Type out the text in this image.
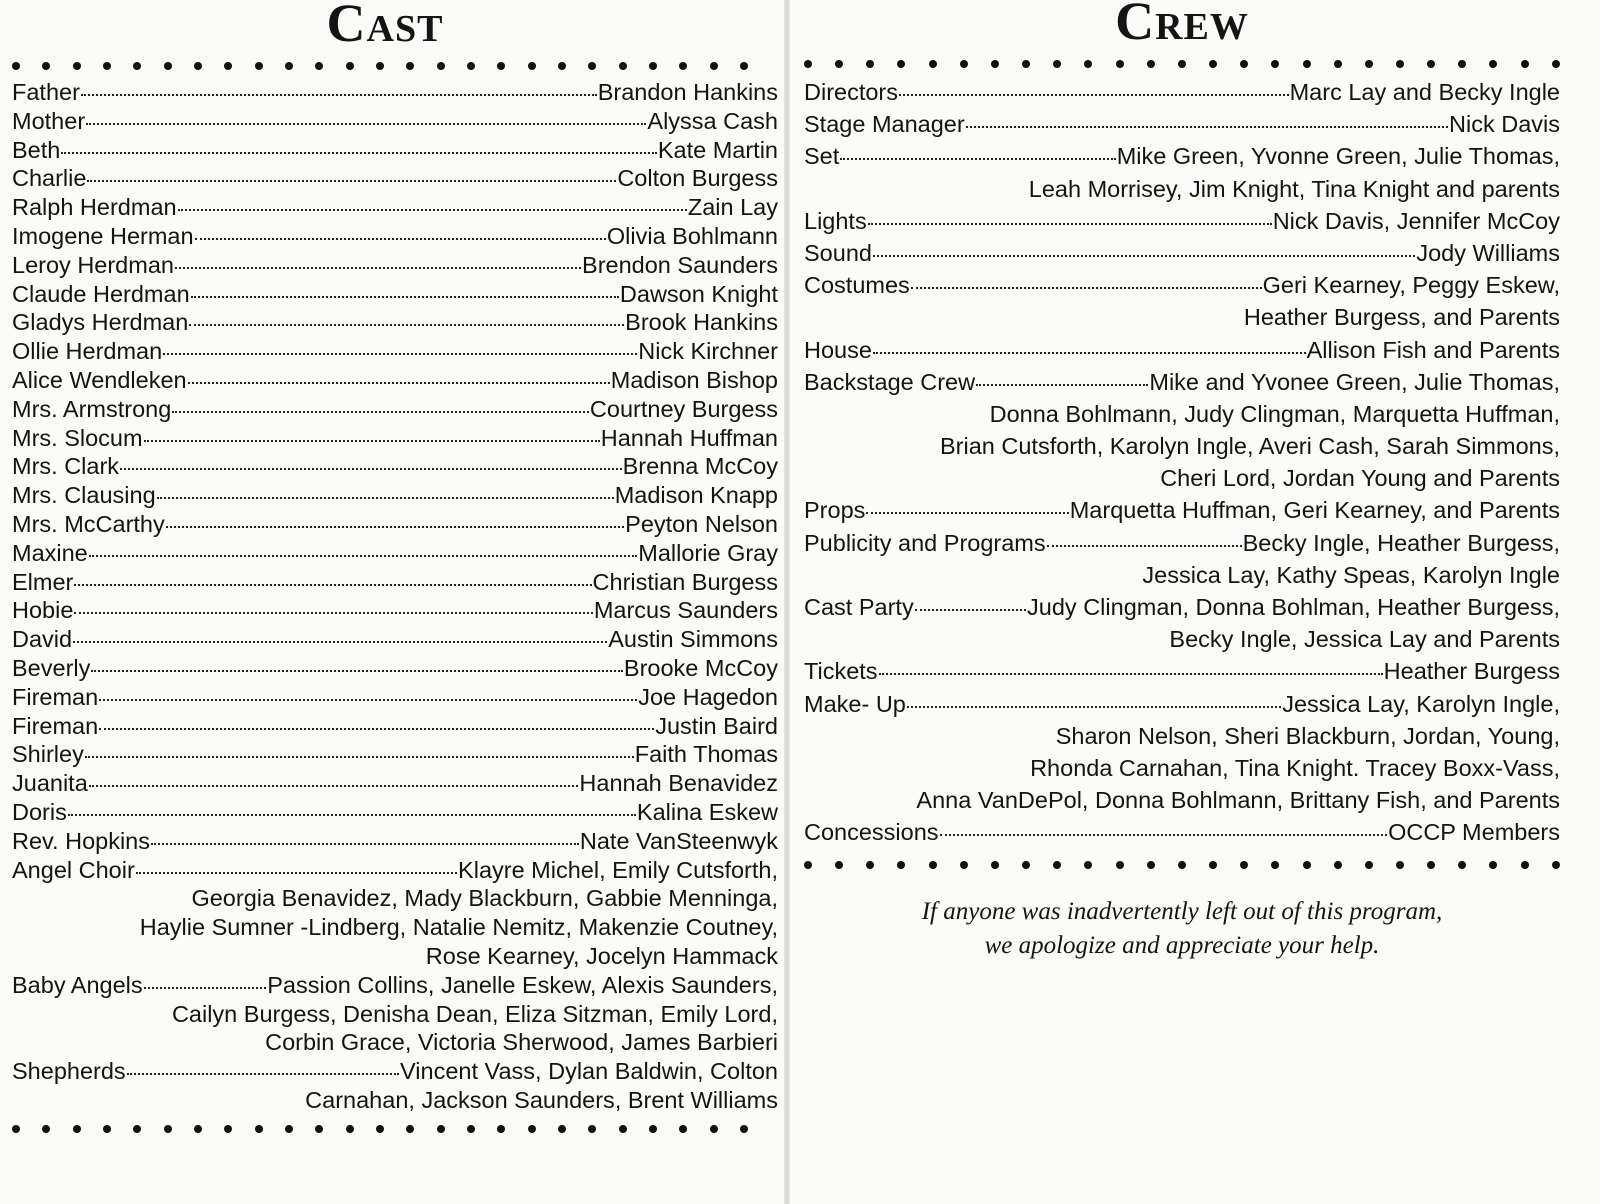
Cast
Father	Brandon Hankins
Mother	Alyssa Cash
Beth	Kate Martin
Charlie	Colton Burgess
Ralph Herdman	Zain Lay
Imogene Herman	Olivia Bohlmann
Leroy Herdman	Brendon Saunders
Claude Herdman	Dawson Knight
Gladys Herdman	Brook Hankins
Ollie Herdman	Nick Kirchner
Alice Wendleken	Madison Bishop
Mrs. Armstrong	Courtney Burgess
Mrs. Slocum	Hannah Huffman
Mrs. Clark	Brenna McCoy
Mrs. Clausing	Madison Knapp
Mrs. McCarthy	Peyton Nelson
Maxine	Mallorie Gray
Elmer	Christian Burgess
Hobie	Marcus Saunders
David	Austin Simmons
Beverly	Brooke McCoy
Fireman	Joe Hagedon
Fireman	Justin Baird
Shirley	Faith Thomas
Juanita	Hannah Benavidez
Doris	Kalina Eskew
Rev. Hopkins	Nate VanSteenwyk
Angel Choir	Klayre Michel, Emily Cutsforth,
Georgia Benavidez, Mady Blackburn, Gabbie Menninga,
Haylie Sumner -Lindberg, Natalie Nemitz, Makenzie Coutney,
Rose Kearney, Jocelyn Hammack
Baby Angels	Passion Collins, Janelle Eskew, Alexis Saunders,
Cailyn Burgess, Denisha Dean, Eliza Sitzman, Emily Lord,
Corbin Grace, Victoria Sherwood, James Barbieri
Shepherds	Vincent Vass, Dylan Baldwin, Colton
Carnahan, Jackson Saunders, Brent Williams
Crew
Directors	Marc Lay and Becky Ingle
Stage Manager	Nick Davis
Set	Mike Green, Yvonne Green, Julie Thomas,
Leah Morrisey, Jim Knight, Tina Knight and parents
Lights	Nick Davis, Jennifer McCoy
Sound	Jody Williams
Costumes	Geri Kearney, Peggy Eskew,
Heather Burgess, and Parents
House	Allison Fish and Parents
Backstage Crew	Mike and Yvonee Green, Julie Thomas,
Donna Bohlmann, Judy Clingman, Marquetta Huffman,
Brian Cutsforth, Karolyn Ingle, Averi Cash, Sarah Simmons,
Cheri Lord, Jordan Young and Parents
Props	Marquetta Huffman, Geri Kearney, and Parents
Publicity and Programs	Becky Ingle, Heather Burgess,
Jessica Lay, Kathy Speas, Karolyn Ingle
Cast Party	Judy Clingman, Donna Bohlman, Heather Burgess,
Becky Ingle, Jessica Lay and Parents
Tickets	Heather Burgess
Make- Up	Jessica Lay, Karolyn Ingle,
Sharon Nelson, Sheri Blackburn, Jordan, Young,
Rhonda Carnahan, Tina Knight. Tracey Boxx-Vass,
Anna VanDePol, Donna Bohlmann, Brittany Fish, and Parents
Concessions	OCCP Members
If anyone was inadvertently left out of this program,
we apologize and appreciate your help.
